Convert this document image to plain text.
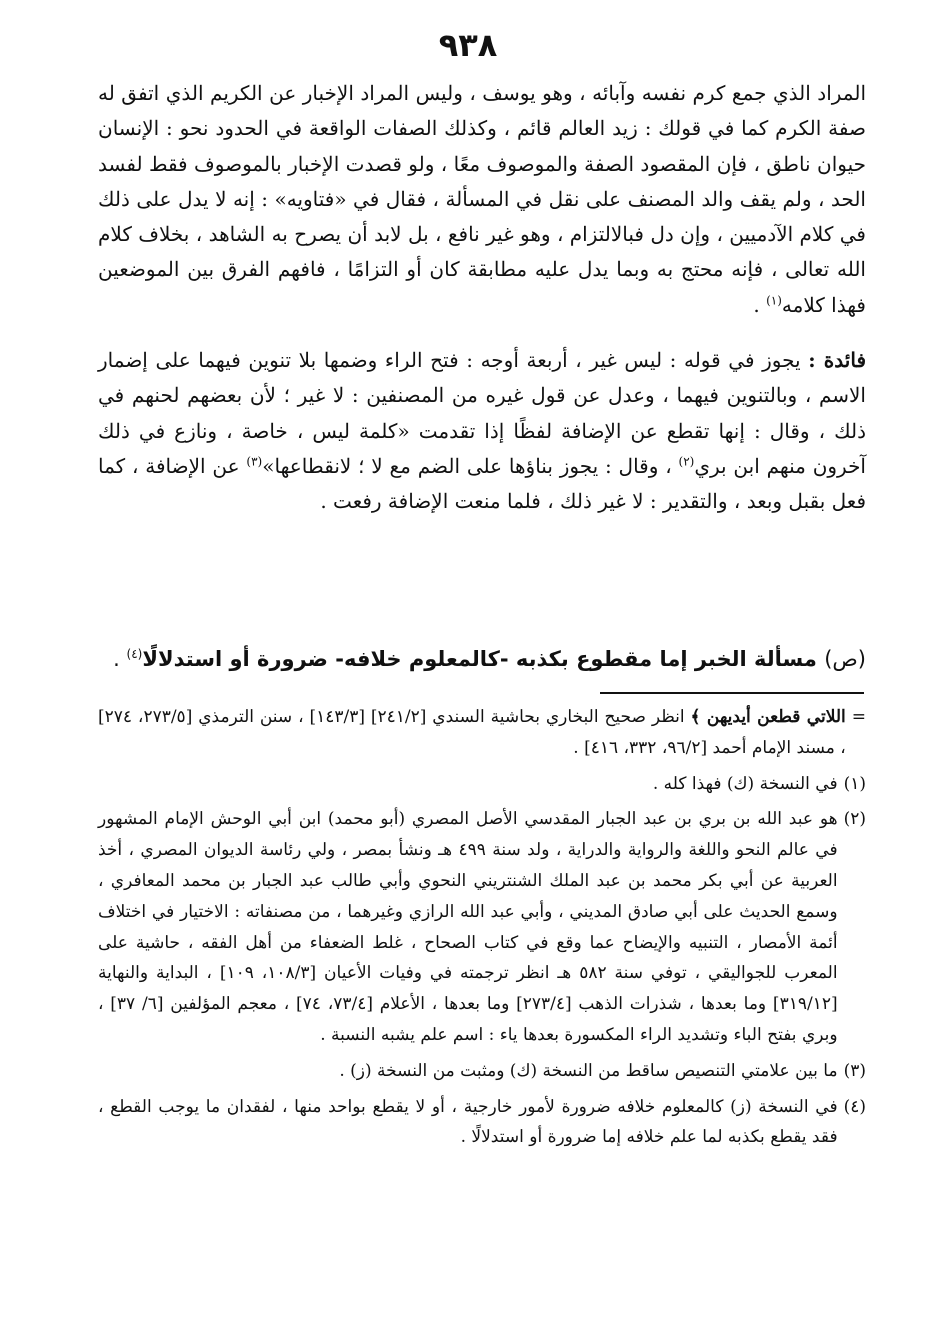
٩٣٨

المراد الذي جمع كرم نفسه وآبائه ، وهو يوسف ، وليس المراد الإخبار عن الكريم الذي اتفق له صفة الكرم كما في قولك : زيد العالم قائم ، وكذلك الصفات الواقعة في الحدود نحو : الإنسان حيوان ناطق ، فإن المقصود الصفة والموصوف معًا ، ولو قصدت الإخبار بالموصوف فقط لفسد الحد ، ولم يقف والد المصنف على نقل في المسألة ، فقال في «فتاويه» : إنه لا يدل على ذلك في كلام الآدميين ، وإن دل فبالالتزام ، وهو غير نافع ، بل لابد أن يصرح به الشاهد ، بخلاف كلام الله تعالى ، فإنه محتج به وبما يدل عليه مطابقة كان أو التزامًا ، فافهم الفرق بين الموضعين فهذا كلامه$^{(١)}$ .

فائدة : يجوز في قوله : ليس غير ، أربعة أوجه : فتح الراء وضمها بلا تنوين فيهما على إضمار الاسم ، وبالتنوين فيهما ، وعدل عن قول غيره من المصنفين : لا غير ؛ لأن بعضهم لحنهم في ذلك ، وقال : إنها تقطع عن الإضافة لفظًا إذا تقدمت «كلمة ليس ، خاصة ، ونازع في ذلك آخرون منهم ابن بري$^{(٢)}$ ، وقال : يجوز بناؤها على الضم مع لا ؛ لانقطاعها»$^{(٣)}$ عن الإضافة ، كما فعل بقبل وبعد ، والتقدير : لا غير ذلك ، فلما منعت الإضافة رفعت .

(ص) مسألة الخبر إما مقطوع بكذبه -كالمعلوم خلافه- ضرورة أو استدلالًا$^{(٤)}$ .
=
اللاتي قطعن أيديهن ﴾ انظر صحيح البخاري بحاشية السندي [٢٤١/٢] [١٤٣/٣] ، سنن الترمذي [٢٧٣/٥، ٢٧٤] ، مسند الإمام أحمد [٩٦/٢، ٣٣٢، ٤١٦] .
(١)
في النسخة (ك) فهذا كله .
(٢)
هو عبد الله بن بري بن عبد الجبار المقدسي الأصل المصري (أبو محمد) ابن أبي الوحش الإمام المشهور في عالم النحو واللغة والرواية والدراية ، ولد سنة ٤٩٩ هـ ونشأ بمصر ، ولي رئاسة الديوان المصري ، أخذ العربية عن أبي بكر محمد بن عبد الملك الشنتريني النحوي وأبي طالب عبد الجبار بن محمد المعافري ، وسمع الحديث على أبي صادق المديني ، وأبي عبد الله الرازي وغيرهما ، من مصنفاته : الاختيار في اختلاف أئمة الأمصار ، التنبيه والإيضاح عما وقع في كتاب الصحاح ، غلط الضعفاء من أهل الفقه ، حاشية على المعرب للجواليقي ، توفي سنة ٥٨٢ هـ انظر ترجمته في وفيات الأعيان [١٠٨/٣، ١٠٩] ، البداية والنهاية [٣١٩/١٢] وما بعدها ، شذرات الذهب [٢٧٣/٤] وما بعدها ، الأعلام [٧٣/٤، ٧٤] ، معجم المؤلفين [٦/ ٣٧] ، وبري بفتح الباء وتشديد الراء المكسورة بعدها ياء : اسم علم يشبه النسبة .
(٣)
ما بين علامتي التنصيص ساقط من النسخة (ك) ومثبت من النسخة (ز) .
(٤)
في النسخة (ز) كالمعلوم خلافه ضرورة لأمور خارجية ، أو لا يقطع بواحد منها ، لفقدان ما يوجب القطع ، فقد يقطع بكذبه لما علم خلافه إما ضرورة أو استدلالًا .
